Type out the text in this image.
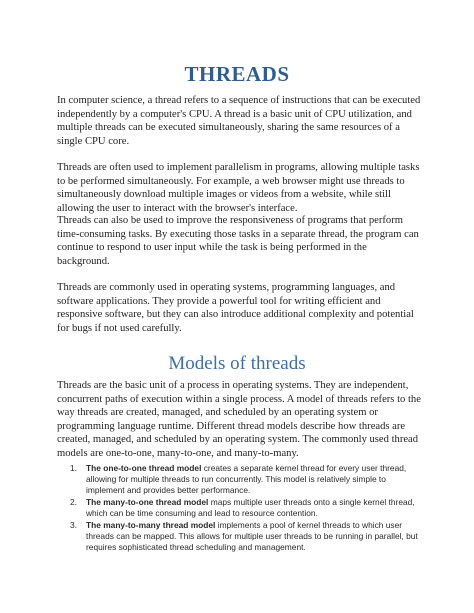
THREADS

In computer science, a thread refers to a sequence of instructions that can be executed independently by a computer's CPU. A thread is a basic unit of CPU utilization, and multiple threads can be executed simultaneously, sharing the same resources of a single CPU core.

Threads are often used to implement parallelism in programs, allowing multiple tasks to be performed simultaneously. For example, a web browser might use threads to simultaneously download multiple images or videos from a website, while still allowing the user to interact with the browser's interface.

Threads can also be used to improve the responsiveness of programs that perform time-consuming tasks. By executing those tasks in a separate thread, the program can continue to respond to user input while the task is being performed in the background.

Threads are commonly used in operating systems, programming languages, and software applications. They provide a powerful tool for writing efficient and responsive software, but they can also introduce additional complexity and potential for bugs if not used carefully.

Models of threads

Threads are the basic unit of a process in operating systems. They are independent, concurrent paths of execution within a single process. A model of threads refers to the way threads are created, managed, and scheduled by an operating system or programming language runtime. Different thread models describe how threads are created, managed, and scheduled by an operating system. The commonly used thread models are one-to-one, many-to-one, and many-to-many.

1. The one-to-one thread model creates a separate kernel thread for every user thread, allowing for multiple threads to run concurrently. This model is relatively simple to implement and provides better performance.
2. The many-to-one thread model maps multiple user threads onto a single kernel thread, which can be time consuming and lead to resource contention.
3. The many-to-many thread model implements a pool of kernel threads to which user threads can be mapped. This allows for multiple user threads to be running in parallel, but requires sophisticated thread scheduling and management.
